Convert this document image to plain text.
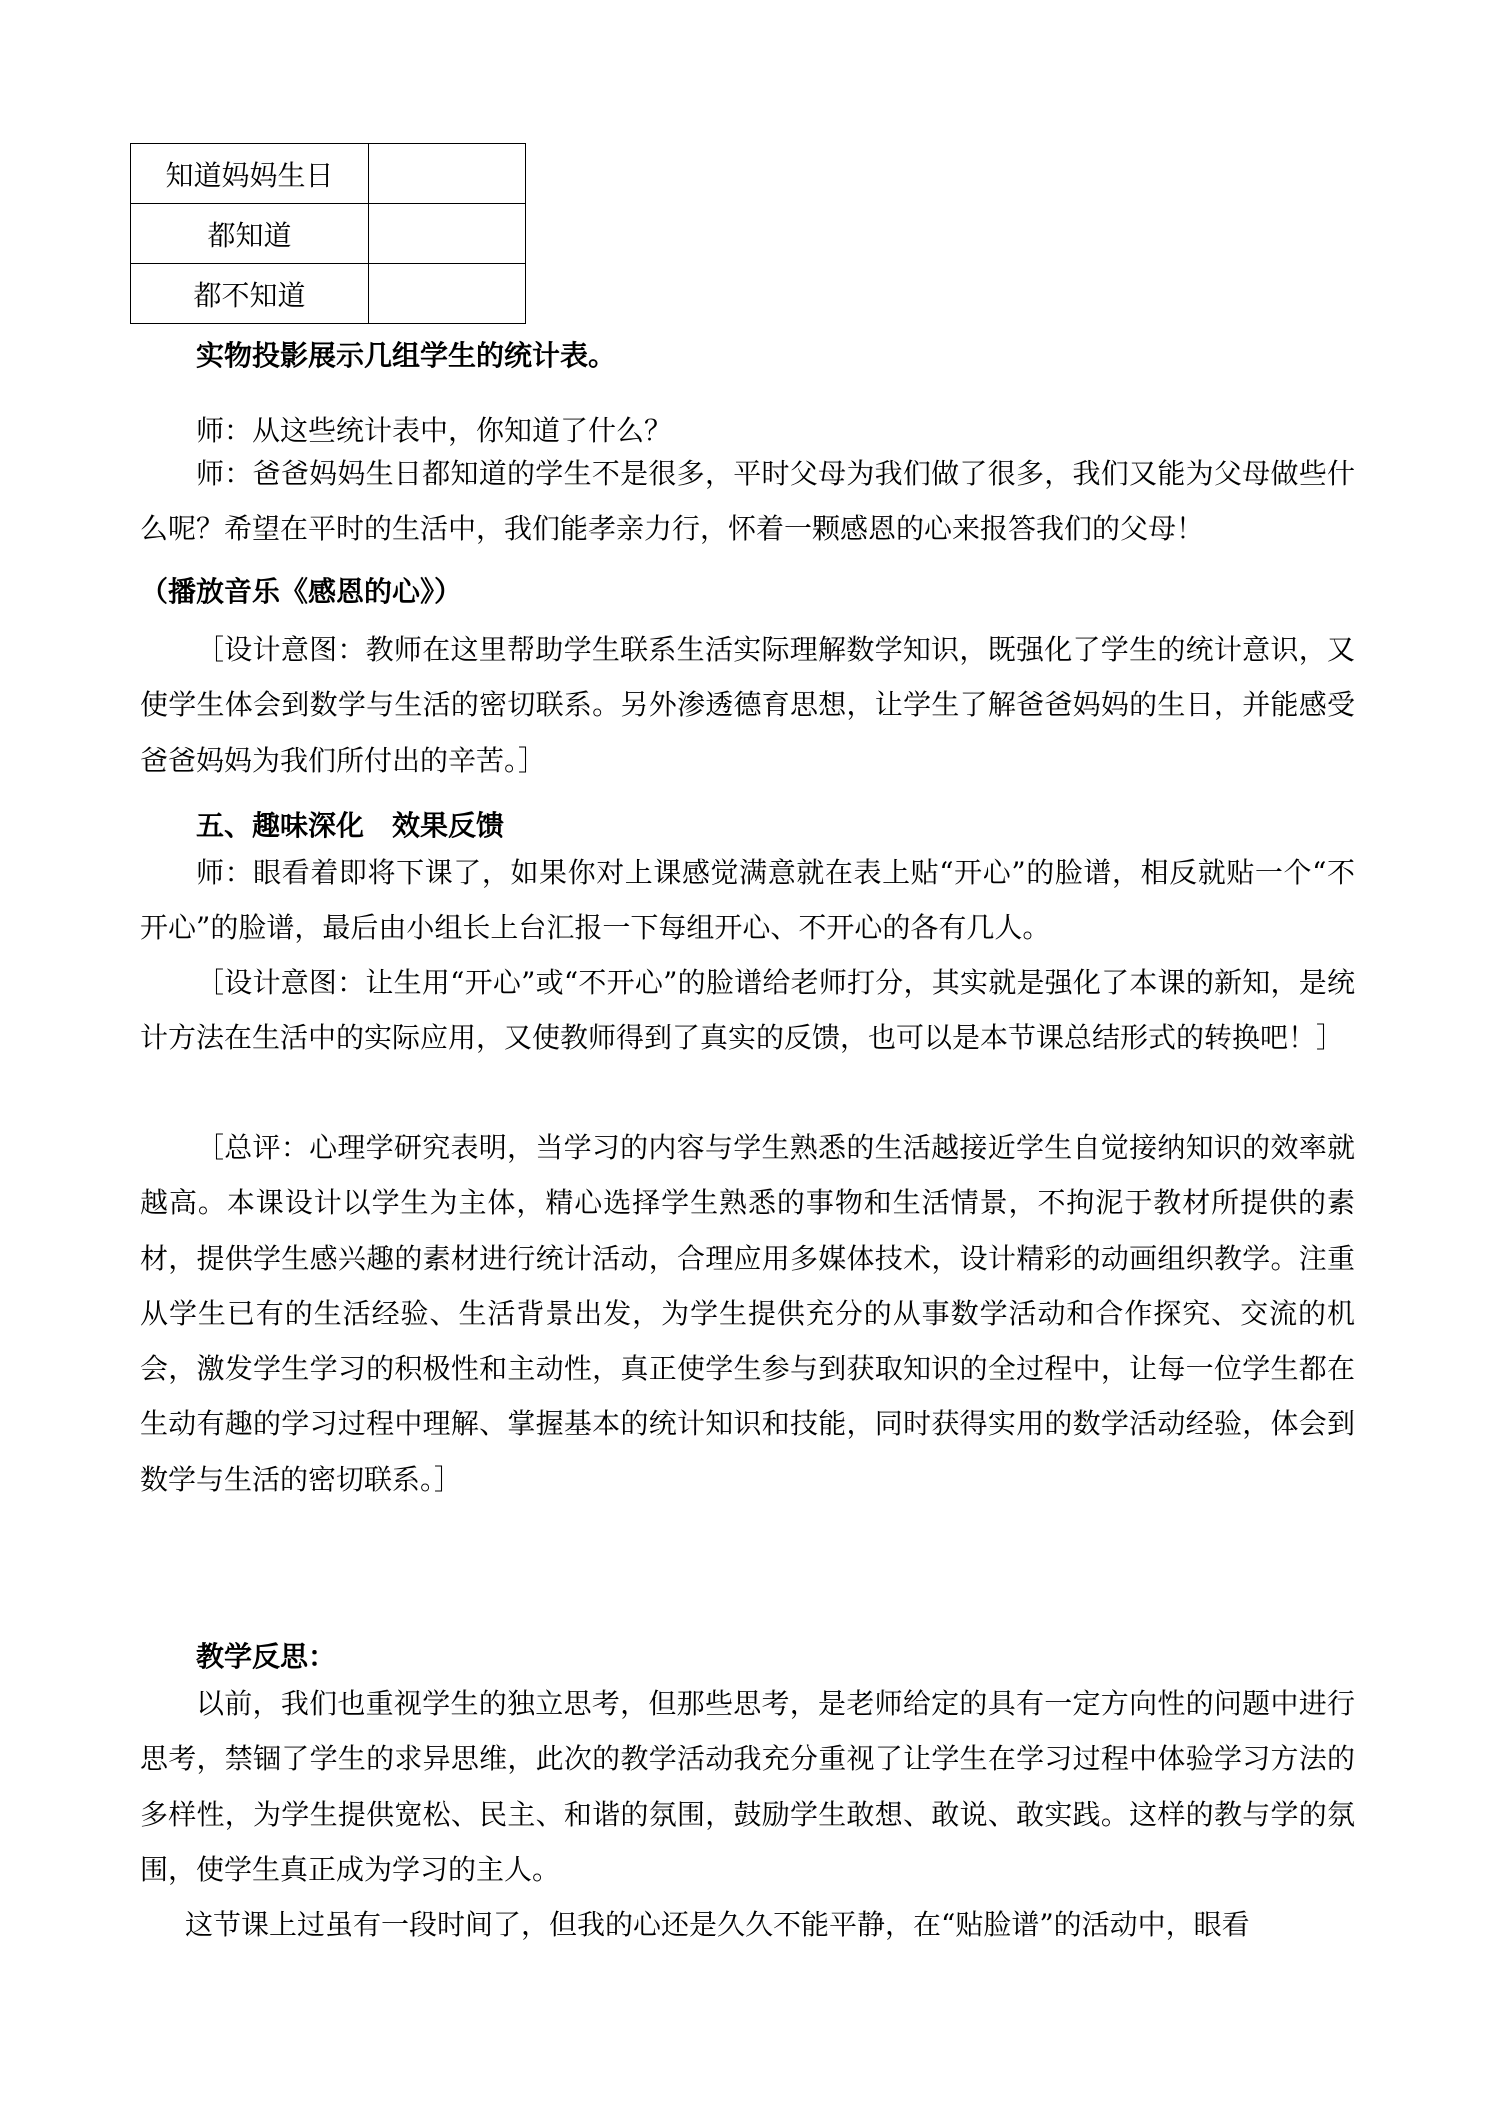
知道妈妈生日	
都知道	
都不知道	
实物投影展示几组学生的统计表。
师：从这些统计表中，你知道了什么？
师：爸爸妈妈生日都知道的学生不是很多，平时父母为我们做了很多，我们又能为父母做些什么呢？希望在平时的生活中，我们能孝亲力行，怀着一颗感恩的心来报答我们的父母！
（播放音乐《感恩的心》）
［设计意图：教师在这里帮助学生联系生活实际理解数学知识，既强化了学生的统计意识，又使学生体会到数学与生活的密切联系。另外渗透德育思想，让学生了解爸爸妈妈的生日，并能感受爸爸妈妈为我们所付出的辛苦。］
五、趣味深化　效果反馈
师：眼看着即将下课了，如果你对上课感觉满意就在表上贴“开心”的脸谱，相反就贴一个“不开心”的脸谱，最后由小组长上台汇报一下每组开心、不开心的各有几人。
［设计意图：让生用“开心”或“不开心”的脸谱给老师打分，其实就是强化了本课的新知，是统计方法在生活中的实际应用，又使教师得到了真实的反馈，也可以是本节课总结形式的转换吧！］
［总评：心理学研究表明，当学习的内容与学生熟悉的生活越接近学生自觉接纳知识的效率就越高。本课设计以学生为主体，精心选择学生熟悉的事物和生活情景，不拘泥于教材所提供的素材，提供学生感兴趣的素材进行统计活动，合理应用多媒体技术，设计精彩的动画组织教学。注重从学生已有的生活经验、生活背景出发，为学生提供充分的从事数学活动和合作探究、交流的机会，激发学生学习的积极性和主动性，真正使学生参与到获取知识的全过程中，让每一位学生都在生动有趣的学习过程中理解、掌握基本的统计知识和技能，同时获得实用的数学活动经验，体会到数学与生活的密切联系。］
教学反思：
以前，我们也重视学生的独立思考，但那些思考，是老师给定的具有一定方向性的问题中进行思考，禁锢了学生的求异思维，此次的教学活动我充分重视了让学生在学习过程中体验学习方法的多样性，为学生提供宽松、民主、和谐的氛围，鼓励学生敢想、敢说、敢实践。这样的教与学的氛围，使学生真正成为学习的主人。
这节课上过虽有一段时间了，但我的心还是久久不能平静，在“贴脸谱”的活动中，眼看
